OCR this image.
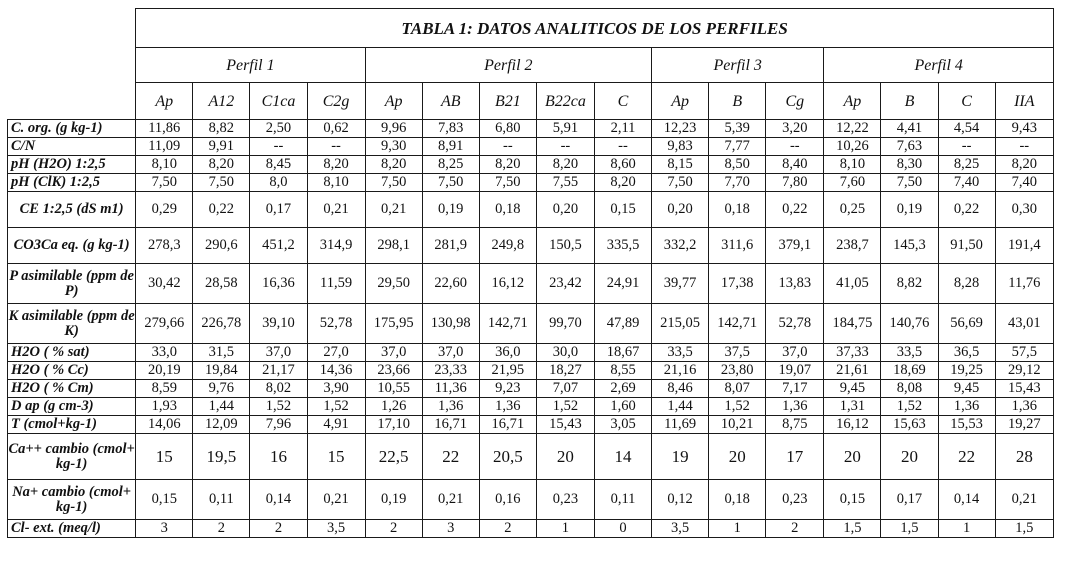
	TABLA 1: DATOS ANALITICOS DE LOS PERFILES															
	Perfil 1				Perfil 2					Perfil 3			Perfil 4			
	Ap	A12	C1ca	C2g	Ap	AB	B21	B22ca	C	Ap	B	Cg	Ap	B	C	IIA
C. org. (g kg-1)	11,86	8,82	2,50	0,62	9,96	7,83	6,80	5,91	2,11	12,23	5,39	3,20	12,22	4,41	4,54	9,43
C/N	11,09	9,91	--	--	9,30	8,91	--	--	--	9,83	7,77	--	10,26	7,63	--	--
pH (H2O) 1:2,5	8,10	8,20	8,45	8,20	8,20	8,25	8,20	8,20	8,60	8,15	8,50	8,40	8,10	8,30	8,25	8,20
pH (ClK) 1:2,5	7,50	7,50	8,0	8,10	7,50	7,50	7,50	7,55	8,20	7,50	7,70	7,80	7,60	7,50	7,40	7,40
CE 1:2,5 (dS m1)	0,29	0,22	0,17	0,21	0,21	0,19	0,18	0,20	0,15	0,20	0,18	0,22	0,25	0,19	0,22	0,30
CO3Ca eq. (g kg-1)	278,3	290,6	451,2	314,9	298,1	281,9	249,8	150,5	335,5	332,2	311,6	379,1	238,7	145,3	91,50	191,4
P asimilable (ppm de P)	30,42	28,58	16,36	11,59	29,50	22,60	16,12	23,42	24,91	39,77	17,38	13,83	41,05	8,82	8,28	11,76
K asimilable (ppm de K)	279,66	226,78	39,10	52,78	175,95	130,98	142,71	99,70	47,89	215,05	142,71	52,78	184,75	140,76	56,69	43,01
H2O ( % sat)	33,0	31,5	37,0	27,0	37,0	37,0	36,0	30,0	18,67	33,5	37,5	37,0	37,33	33,5	36,5	57,5
H2O ( % Cc)	20,19	19,84	21,17	14,36	23,66	23,33	21,95	18,27	8,55	21,16	23,80	19,07	21,61	18,69	19,25	29,12
H2O ( % Cm)	8,59	9,76	8,02	3,90	10,55	11,36	9,23	7,07	2,69	8,46	8,07	7,17	9,45	8,08	9,45	15,43
D ap (g cm-3)	1,93	1,44	1,52	1,52	1,26	1,36	1,36	1,52	1,60	1,44	1,52	1,36	1,31	1,52	1,36	1,36
T (cmol+kg-1)	14,06	12,09	7,96	4,91	17,10	16,71	16,71	15,43	3,05	11,69	10,21	8,75	16,12	15,63	15,53	19,27
Ca++ cambio (cmol+ kg-1)	15	19,5	16	15	22,5	22	20,5	20	14	19	20	17	20	20	22	28
Na+ cambio (cmol+ kg-1)	0,15	0,11	0,14	0,21	0,19	0,21	0,16	0,23	0,11	0,12	0,18	0,23	0,15	0,17	0,14	0,21
Cl- ext. (meq/l)	3	2	2	3,5	2	3	2	1	0	3,5	1	2	1,5	1,5	1	1,5
